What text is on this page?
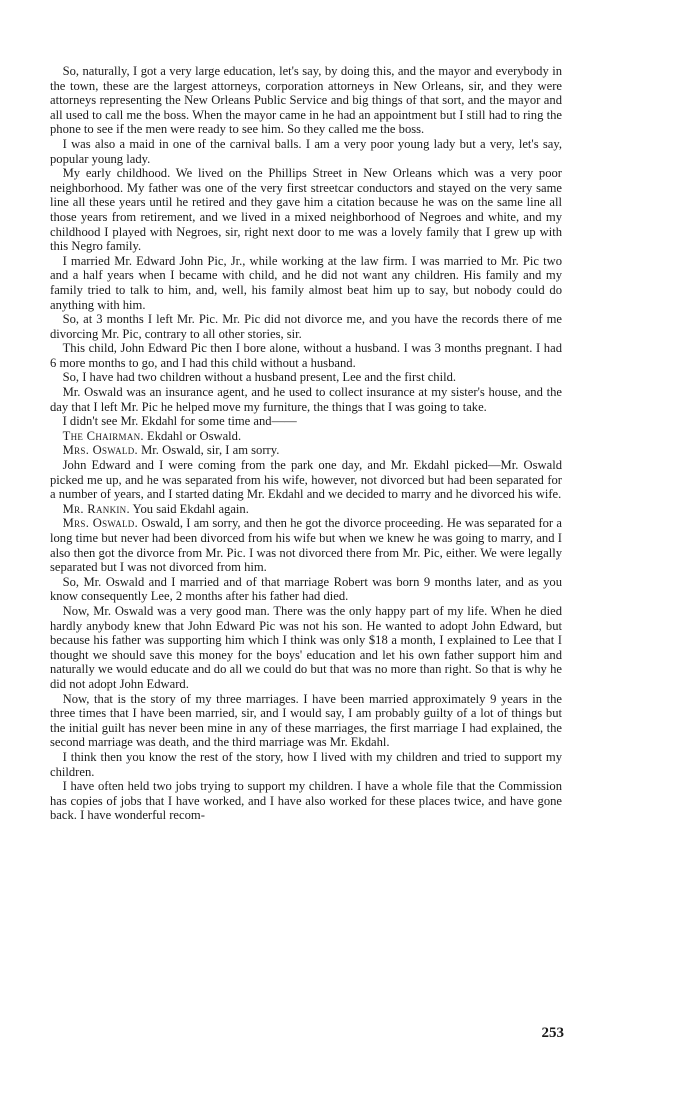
 So, naturally, I got a very large education, let's say, by doing this, and the mayor and everybody in the town, these are the largest attorneys, corporation attorneys in New Orleans, sir, and they were attorneys representing the New Orleans Public Service and big things of that sort, and the mayor and all used to call me the boss. When the mayor came in he had an appointment but I still had to ring the phone to see if the men were ready to see him. So they called me the boss.

 I was also a maid in one of the carnival balls. I am a very poor young lady but a very, let's say, popular young lady.

 My early childhood. We lived on the Phillips Street in New Orleans which was a very poor neighborhood. My father was one of the very first streetcar conductors and stayed on the very same line all these years until he retired and they gave him a citation because he was on the same line all those years from retirement, and we lived in a mixed neighborhood of Negroes and white, and my childhood I played with Negroes, sir, right next door to me was a lovely family that I grew up with this Negro family.

 I married Mr. Edward John Pic, Jr., while working at the law firm. I was married to Mr. Pic two and a half years when I became with child, and he did not want any children. His family and my family tried to talk to him, and, well, his family almost beat him up to say, but nobody could do anything with him.

 So, at 3 months I left Mr. Pic. Mr. Pic did not divorce me, and you have the records there of me divorcing Mr. Pic, contrary to all other stories, sir.

 This child, John Edward Pic then I bore alone, without a husband. I was 3 months pregnant. I had 6 more months to go, and I had this child without a husband.

 So, I have had two children without a husband present, Lee and the first child.

 Mr. Oswald was an insurance agent, and he used to collect insurance at my sister's house, and the day that I left Mr. Pic he helped move my furniture, the things that I was going to take.

 I didn't see Mr. Ekdahl for some time and——

 The Chairman. Ekdahl or Oswald.

 Mrs. Oswald. Mr. Oswald, sir, I am sorry.

 John Edward and I were coming from the park one day, and Mr. Ekdahl picked—Mr. Oswald picked me up, and he was separated from his wife, however, not divorced but had been separated for a number of years, and I started dating Mr. Ekdahl and we decided to marry and he divorced his wife.

 Mr. Rankin. You said Ekdahl again.

 Mrs. Oswald. Oswald, I am sorry, and then he got the divorce proceeding. He was separated for a long time but never had been divorced from his wife but when we knew he was going to marry, and I also then got the divorce from Mr. Pic. I was not divorced there from Mr. Pic, either. We were legally separated but I was not divorced from him.

 So, Mr. Oswald and I married and of that marriage Robert was born 9 months later, and as you know consequently Lee, 2 months after his father had died.

 Now, Mr. Oswald was a very good man. There was the only happy part of my life. When he died hardly anybody knew that John Edward Pic was not his son. He wanted to adopt John Edward, but because his father was supporting him which I think was only $18 a month, I explained to Lee that I thought we should save this money for the boys' education and let his own father support him and naturally we would educate and do all we could do but that was no more than right. So that is why he did not adopt John Edward.

 Now, that is the story of my three marriages. I have been married approximately 9 years in the three times that I have been married, sir, and I would say, I am probably guilty of a lot of things but the initial guilt has never been mine in any of these marriages, the first marriage I had explained, the second marriage was death, and the third marriage was Mr. Ekdahl.

 I think then you know the rest of the story, how I lived with my children and tried to support my children.

 I have often held two jobs trying to support my children. I have a whole file that the Commission has copies of jobs that I have worked, and I have also worked for these places twice, and have gone back. I have wonderful recom-

253
